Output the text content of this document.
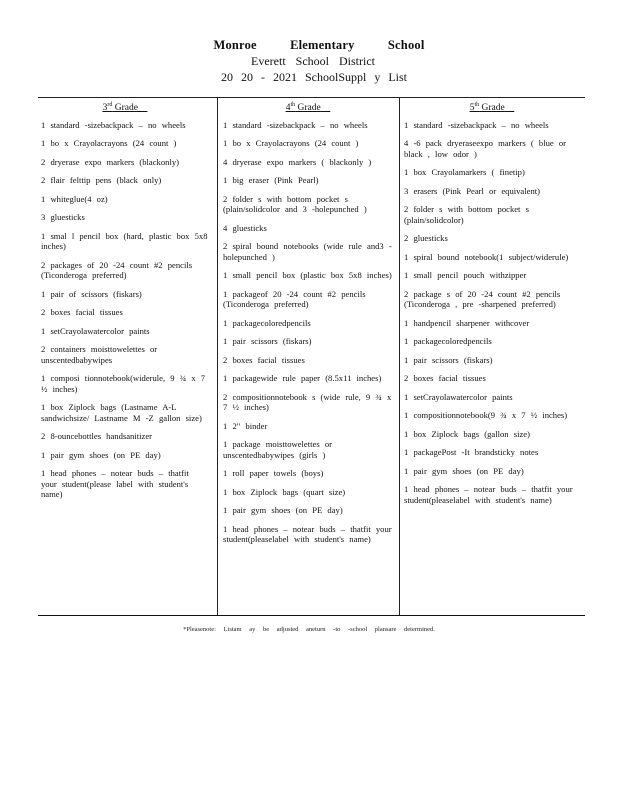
Monroe Elementary School
Everett School District
20 20 - 2021 SchoolSuppl y List
3rd Grade
1 standard -sizebackpack – no wheels
1 bo x Crayolacrayons (24 count )
2 dryerase expo markers (blackonly)
2 flair felttip pens (black only)
1 whiteglue(4 oz)
3 gluesticks
1 smal l pencil box (hard, plastic box 5x8 inches)
2 packages of 20 -24 count #2 pencils (Ticonderoga preferred)
1 pair of scissors (fiskars)
2 boxes facial tissues
1 setCrayolawatercolor paints
2 containers moisttowelettes or unscentedbabywipes
1 composi tionnotebook(widerule, 9 ¾ x 7 ½ inches)
1 box Ziplock bags (Lastname A-L sandwichsize/ Lastname M -Z gallon size)
2 8-ouncebottles handsanitizer
1 pair gym shoes (on PE day)
1 head phones – notear buds – thatfit your student(please label with student's name)
4th Grade
1 standard -sizebackpack – no wheels
1 bo x Crayolacrayons (24 count )
4 dryerase expo markers ( blackonly )
1 big eraser (Pink Pearl)
2 folder s with bottom pocket s (plain/solidcolor and 3 -holepunched )
4 gluesticks
2 spiral bound notebooks (wide rule and3 -holepunched )
1 small pencil box (plastic box 5x8 inches)
1 packageof 20 -24 count #2 pencils (Ticonderoga preferred)
1 packagecoloredpencils
1 pair scissors (fiskars)
2 boxes facial tissues
1 packagewide rule paper (8.5x11 inches)
2 compositionnotebook s (wide rule, 9 ¾ x 7 ½ inches)
1 2" binder
1 package moisttowelettes or unscentedbabywipes (girls )
1 roll paper towels (boys)
1 box Ziplock bags (quart size)
1 pair gym shoes (on PE day)
1 head phones – notear buds – thatfit your student(pleaselabel with student's name)
5th Grade
1 standard -sizebackpack – no wheels
4 -6 pack dryeraseexpo markers ( blue or black , low odor )
1 box Crayolamarkers ( finetip)
3 erasers (Pink Pearl or equivalent)
2 folder s with bottom pocket s (plain/solidcolor)
2 gluesticks
1 spiral bound notebook(1 subject/widerule)
1 small pencil pouch withzipper
2 package s of 20 -24 count #2 pencils (Ticonderoga , pre -sharpened preferred)
1 handpencil sharpener withcover
1 packagecoloredpencils
1 pair scissors (fiskars)
2 boxes facial tissues
1 setCrayolawatercolor paints
1 compositionnotebook(9 ¾ x 7 ½ inches)
1 box Ziplock bags (gallon size)
1 packagePost -It brandsticky notes
1 pair gym shoes (on PE day)
1 head phones – notear buds – thatfit your student(pleaselabel with student's name)
*Pleasenote: Listam ay be adjusted aneturn -to -school plansare determined.
